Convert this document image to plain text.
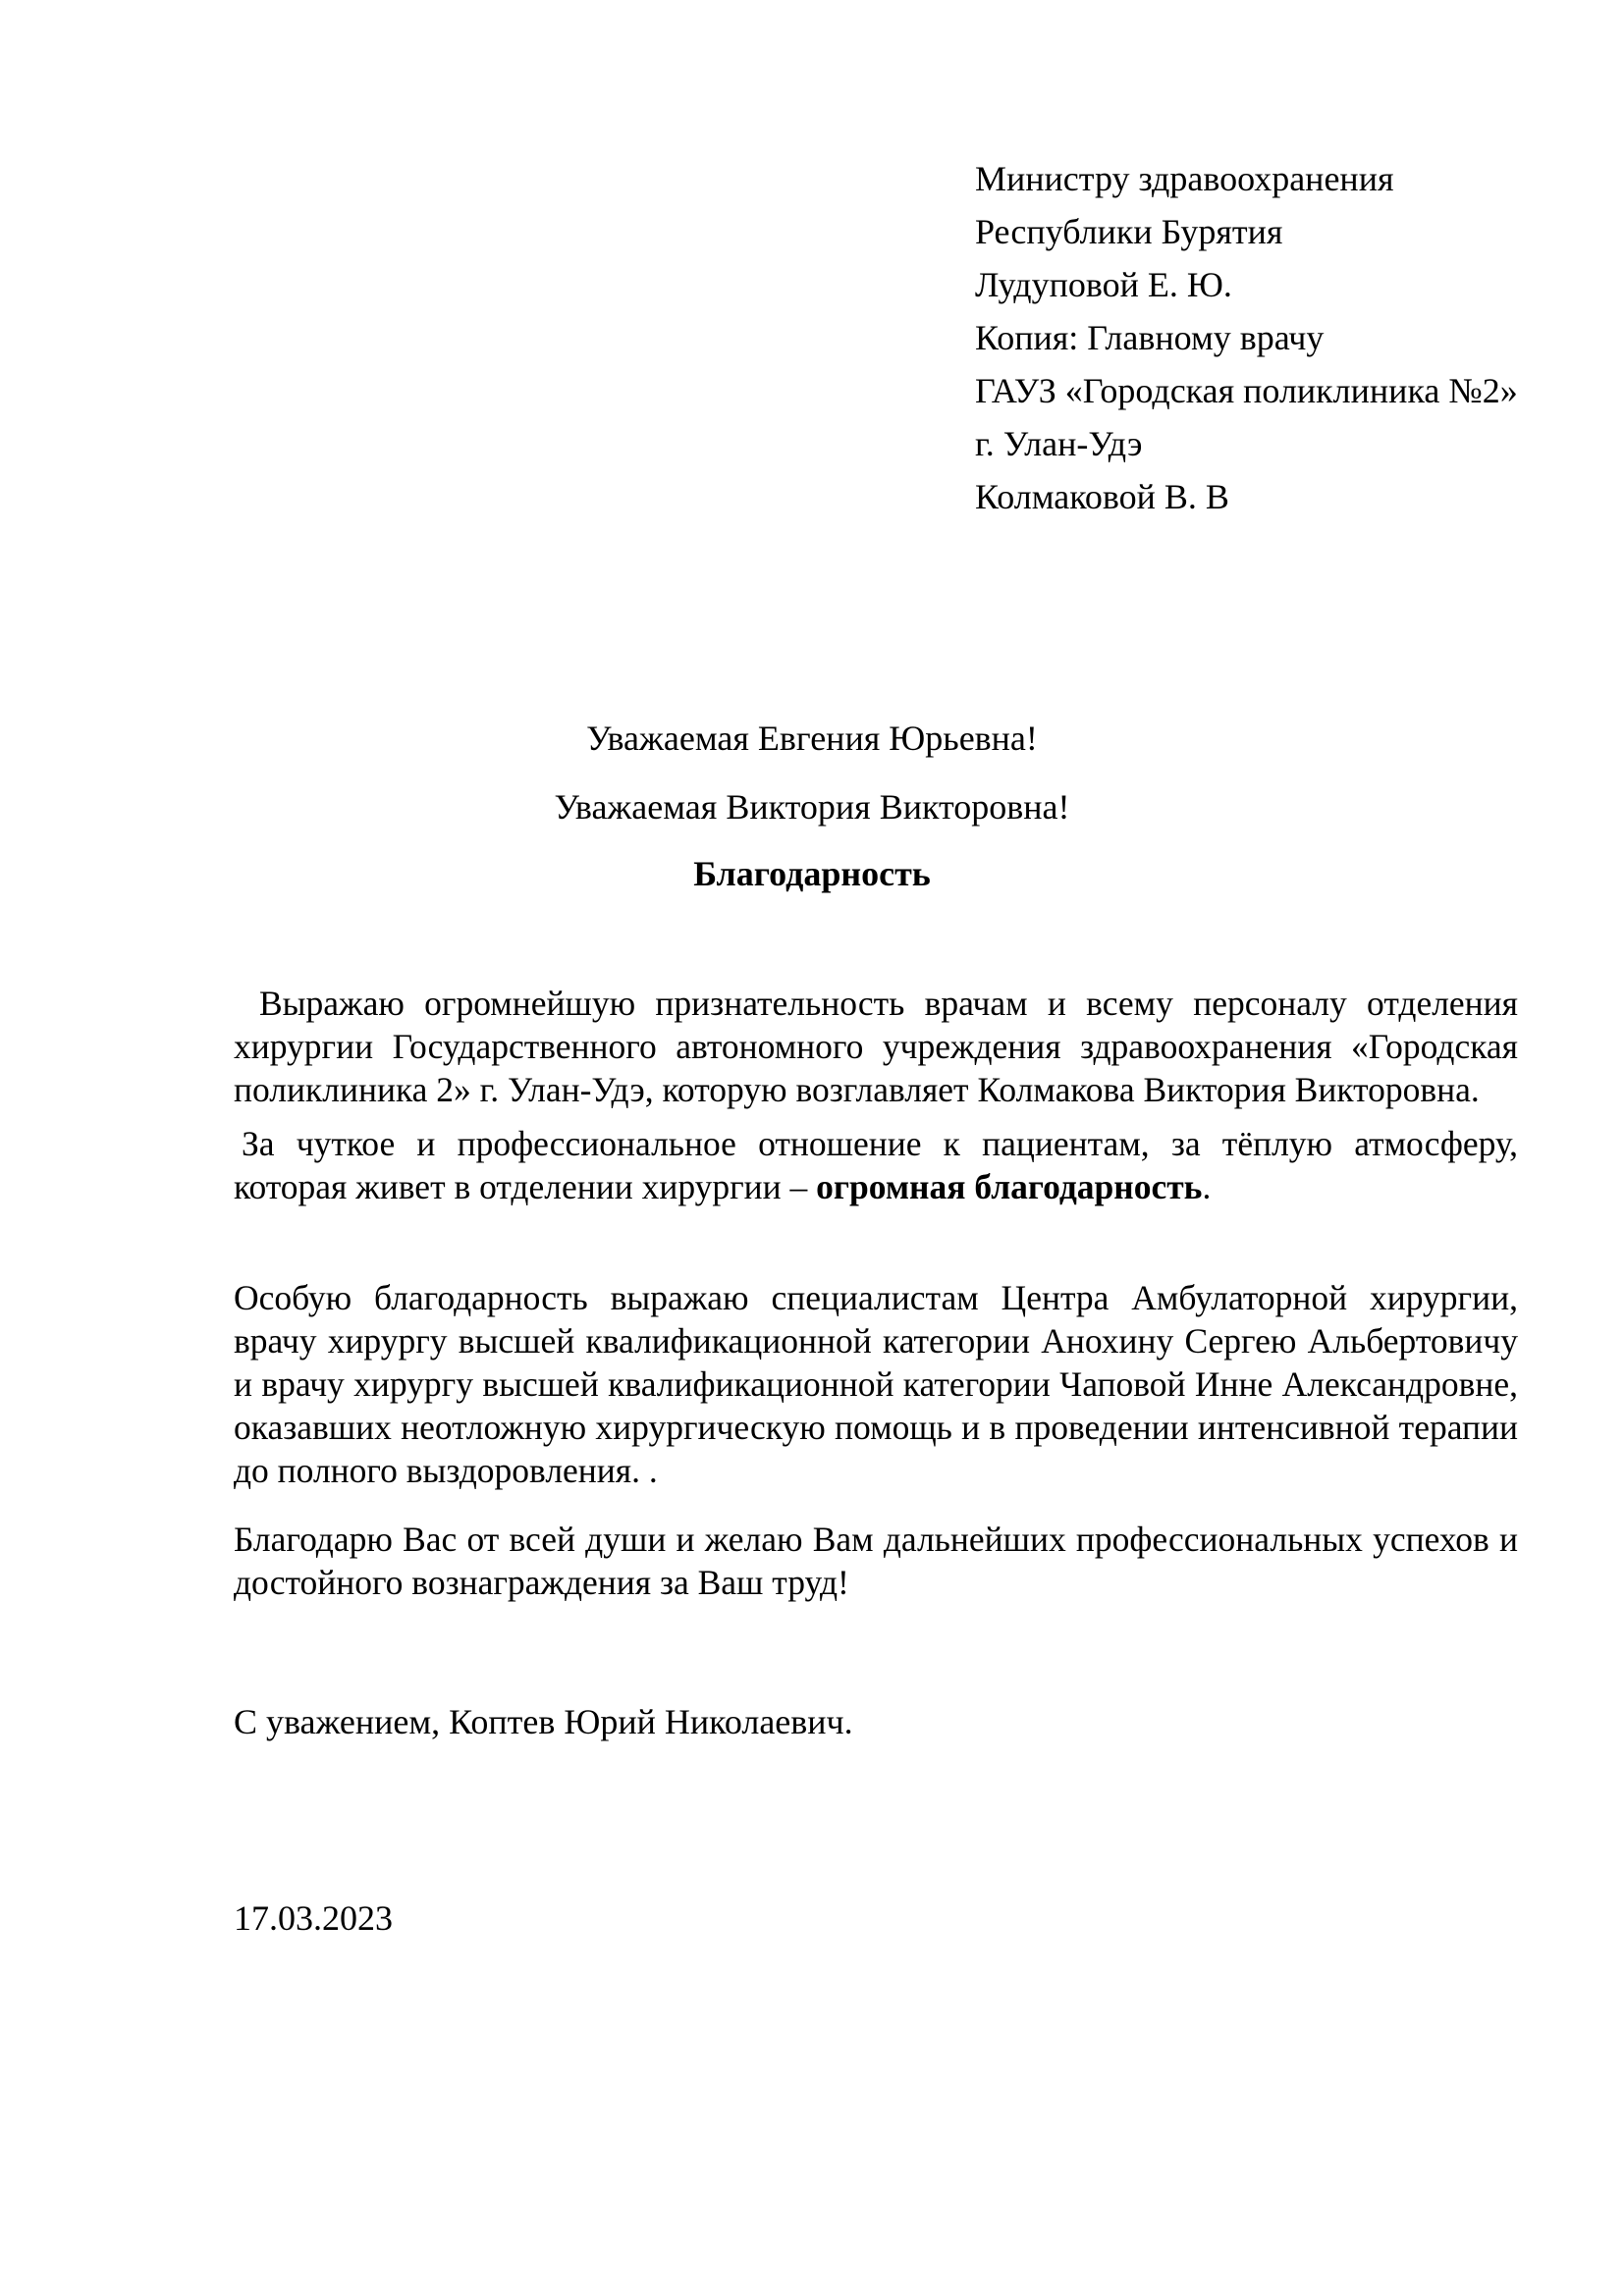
Министру здравоохранения
Республики Бурятия
Лудуповой Е. Ю.
Копия: Главному врачу
ГАУЗ «Городская поликлиника №2»
г. Улан-Удэ
Колмаковой В. В
Уважаемая Евгения Юрьевна!
Уважаемая Виктория Викторовна!
Благодарность
Выражаю огромнейшую признательность врачам и всему персоналу отделения хирургии Государственного автономного учреждения здравоохранения «Городская поликлиника 2» г. Улан-Удэ, которую возглавляет Колмакова Виктория Викторовна.
За чуткое и профессиональное отношение к пациентам, за тёплую атмосферу, которая живет в отделении хирургии – огромная благодарность.
Особую благодарность выражаю специалистам Центра Амбулаторной хирургии, врачу хирургу высшей квалификационной категории Анохину Сергею Альбертовичу и врачу хирургу высшей квалификационной категории Чаповой Инне Александровне, оказавших неотложную хирургическую помощь и в проведении интенсивной терапии до полного выздоровления. .
Благодарю Вас от всей души и желаю Вам дальнейших профессиональных успехов и достойного вознаграждения за Ваш труд!
С уважением, Коптев Юрий Николаевич.
17.03.2023
